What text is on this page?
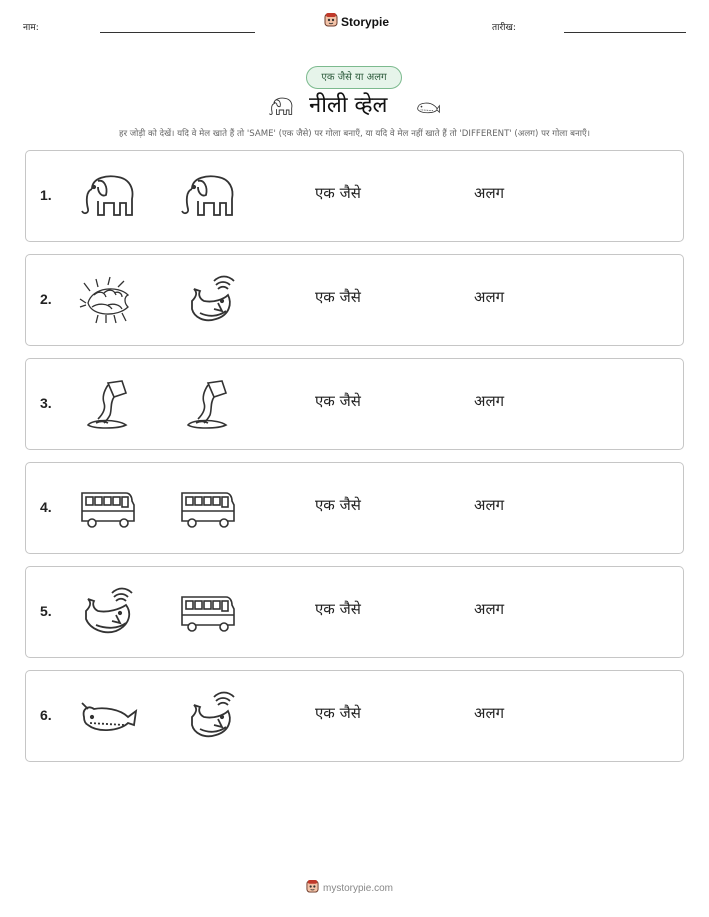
नाम:	Storypie	तारीख:
एक जैसे या अलग
नीली व्हेल
हर जोड़ी को देखें। यदि वे मेल खाते हैं तो 'SAME' (एक जैसे) पर गोला बनाएँ, या यदि वे मेल नहीं खाते हैं तो 'DIFFERENT' (अलग) पर गोला बनाएँ।
1.	एक जैसे	अलग
2.	एक जैसे	अलग
3.	एक जैसे	अलग
4.	एक जैसे	अलग
5.	एक जैसे	अलग
6.	एक जैसे	अलग
mystorypie.com
